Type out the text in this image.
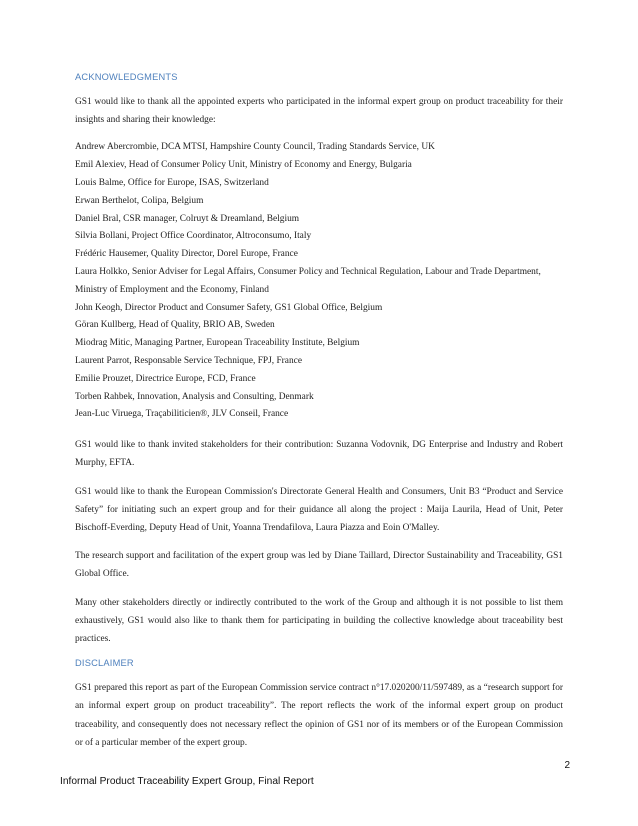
ACKNOWLEDGMENTS

GS1 would like to thank all the appointed experts who participated in the informal expert group on product traceability for their insights and sharing their knowledge:

Andrew Abercrombie, DCA MTSI, Hampshire County Council, Trading Standards Service, UK
Emil Alexiev, Head of Consumer Policy Unit, Ministry of Economy and Energy, Bulgaria
Louis Balme, Office for Europe, ISAS, Switzerland
Erwan Berthelot, Colipa, Belgium
Daniel Bral, CSR manager, Colruyt & Dreamland, Belgium
Silvia Bollani, Project Office Coordinator, Altroconsumo, Italy
Frédéric Hausemer, Quality Director, Dorel Europe, France
Laura Holkko, Senior Adviser for Legal Affairs, Consumer Policy and Technical Regulation, Labour and Trade Department, Ministry of Employment and the Economy, Finland
John Keogh, Director Product and Consumer Safety, GS1 Global Office, Belgium
Göran Kullberg, Head of Quality, BRIO AB, Sweden
Miodrag Mitic, Managing Partner, European Traceability Institute, Belgium
Laurent Parrot, Responsable Service Technique, FPJ, France
Emilie Prouzet, Directrice Europe, FCD, France
Torben Rahbek, Innovation, Analysis and Consulting, Denmark
Jean-Luc Viruega, Traçabiliticien®, JLV Conseil, France

GS1 would like to thank invited stakeholders for their contribution: Suzanna Vodovnik, DG Enterprise and Industry and Robert Murphy, EFTA.

GS1 would like to thank the European Commission's Directorate General Health and Consumers, Unit B3 “Product and Service Safety” for initiating such an expert group and for their guidance all along the project : Maija Laurila, Head of Unit, Peter Bischoff-Everding, Deputy Head of Unit, Yoanna Trendafilova, Laura Piazza and Eoin O'Malley.

The research support and facilitation of the expert group was led by Diane Taillard, Director Sustainability and Traceability, GS1 Global Office.

Many other stakeholders directly or indirectly contributed to the work of the Group and although it is not possible to list them exhaustively, GS1 would also like to thank them for participating in building the collective knowledge about traceability best practices.

DISCLAIMER

GS1 prepared this report as part of the European Commission service contract n°17.020200/11/597489, as a “research support for an informal expert group on product traceability”. The report reflects the work of the informal expert group on product traceability, and consequently does not necessary reflect the opinion of GS1 nor of its members or of the European Commission or of a particular member of the expert group.

2
Informal Product Traceability Expert Group, Final Report
